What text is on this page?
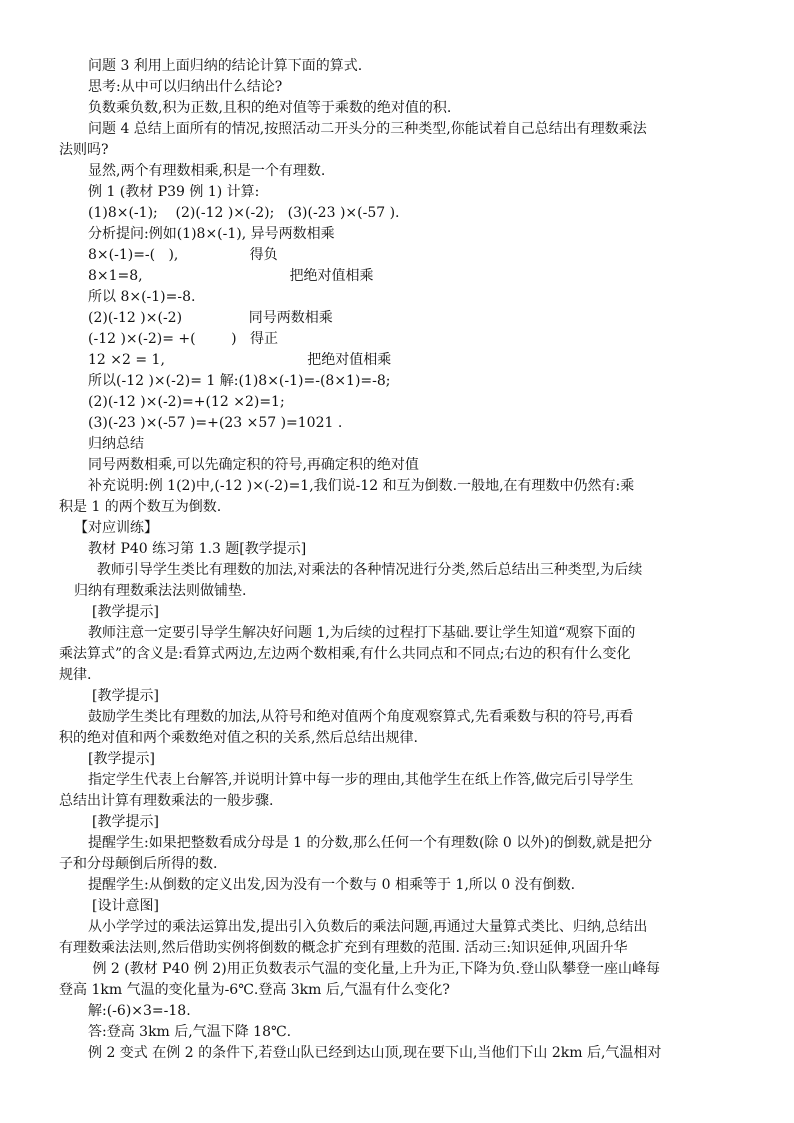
问题 3 利用上面归纳的结论计算下面的算式.
思考:从中可以归纳出什么结论?
负数乘负数,积为正数,且积的绝对值等于乘数的绝对值的积.
问题 4 总结上面所有的情况,按照活动二开头分的三种类型,你能试着自己总结出有理数乘法
法则吗?
显然,两个有理数相乘,积是一个有理数.
例 1 (教材 P39 例 1) 计算:
(1)8×(-1);    (2)(-12 )×(-2);   (3)(-23 )×(-57 ).
分析提问:例如(1)8×(-1), 异号两数相乘
8×(-1)=-(   ),                得负
8×1=8,                                 把绝对值相乘
所以 8×(-1)=-8.
(2)(-12 )×(-2)               同号两数相乘
(-12 )×(-2)= +(        )   得正
12 ×2 = 1,                                把绝对值相乘
所以(-12 )×(-2)= 1 解:(1)8×(-1)=-(8×1)=-8;
(2)(-12 )×(-2)=+(12 ×2)=1;
(3)(-23 )×(-57 )=+(23 ×57 )=1021 .
归纳总结
同号两数相乘,可以先确定积的符号,再确定积的绝对值
补充说明:例 1(2)中,(-12 )×(-2)=1,我们说-12 和互为倒数.一般地,在有理数中仍然有:乘
积是 1 的两个数互为倒数.
【对应训练】
教材 P40 练习第 1.3 题[教学提示]
教师引导学生类比有理数的加法,对乘法的各种情况进行分类,然后总结出三种类型,为后续
归纳有理数乘法法则做铺垫.
[教学提示]
教师注意一定要引导学生解决好问题 1,为后续的过程打下基础.要让学生知道“观察下面的
乘法算式”的含义是:看算式两边,左边两个数相乘,有什么共同点和不同点;右边的积有什么变化
规律.
[教学提示]
鼓励学生类比有理数的加法,从符号和绝对值两个角度观察算式,先看乘数与积的符号,再看
积的绝对值和两个乘数绝对值之积的关系,然后总结出规律.
[教学提示]
指定学生代表上台解答,并说明计算中每一步的理由,其他学生在纸上作答,做完后引导学生
总结出计算有理数乘法的一般步骤.
[教学提示]
提醒学生:如果把整数看成分母是 1 的分数,那么任何一个有理数(除 0 以外)的倒数,就是把分
子和分母颠倒后所得的数.
提醒学生:从倒数的定义出发,因为没有一个数与 0 相乘等于 1,所以 0 没有倒数.
[设计意图]
从小学学过的乘法运算出发,提出引入负数后的乘法问题,再通过大量算式类比、归纳,总结出
有理数乘法法则,然后借助实例将倒数的概念扩充到有理数的范围. 活动三:知识延伸,巩固升华
例 2 (教材 P40 例 2)用正负数表示气温的变化量,上升为正,下降为负.登山队攀登一座山峰每
登高 1km 气温的变化量为-6℃.登高 3km 后,气温有什么变化?
解:(-6)×3=-18.
答:登高 3km 后,气温下降 18℃.
例 2 变式 在例 2 的条件下,若登山队已经到达山顶,现在要下山,当他们下山 2km 后,气温相对
